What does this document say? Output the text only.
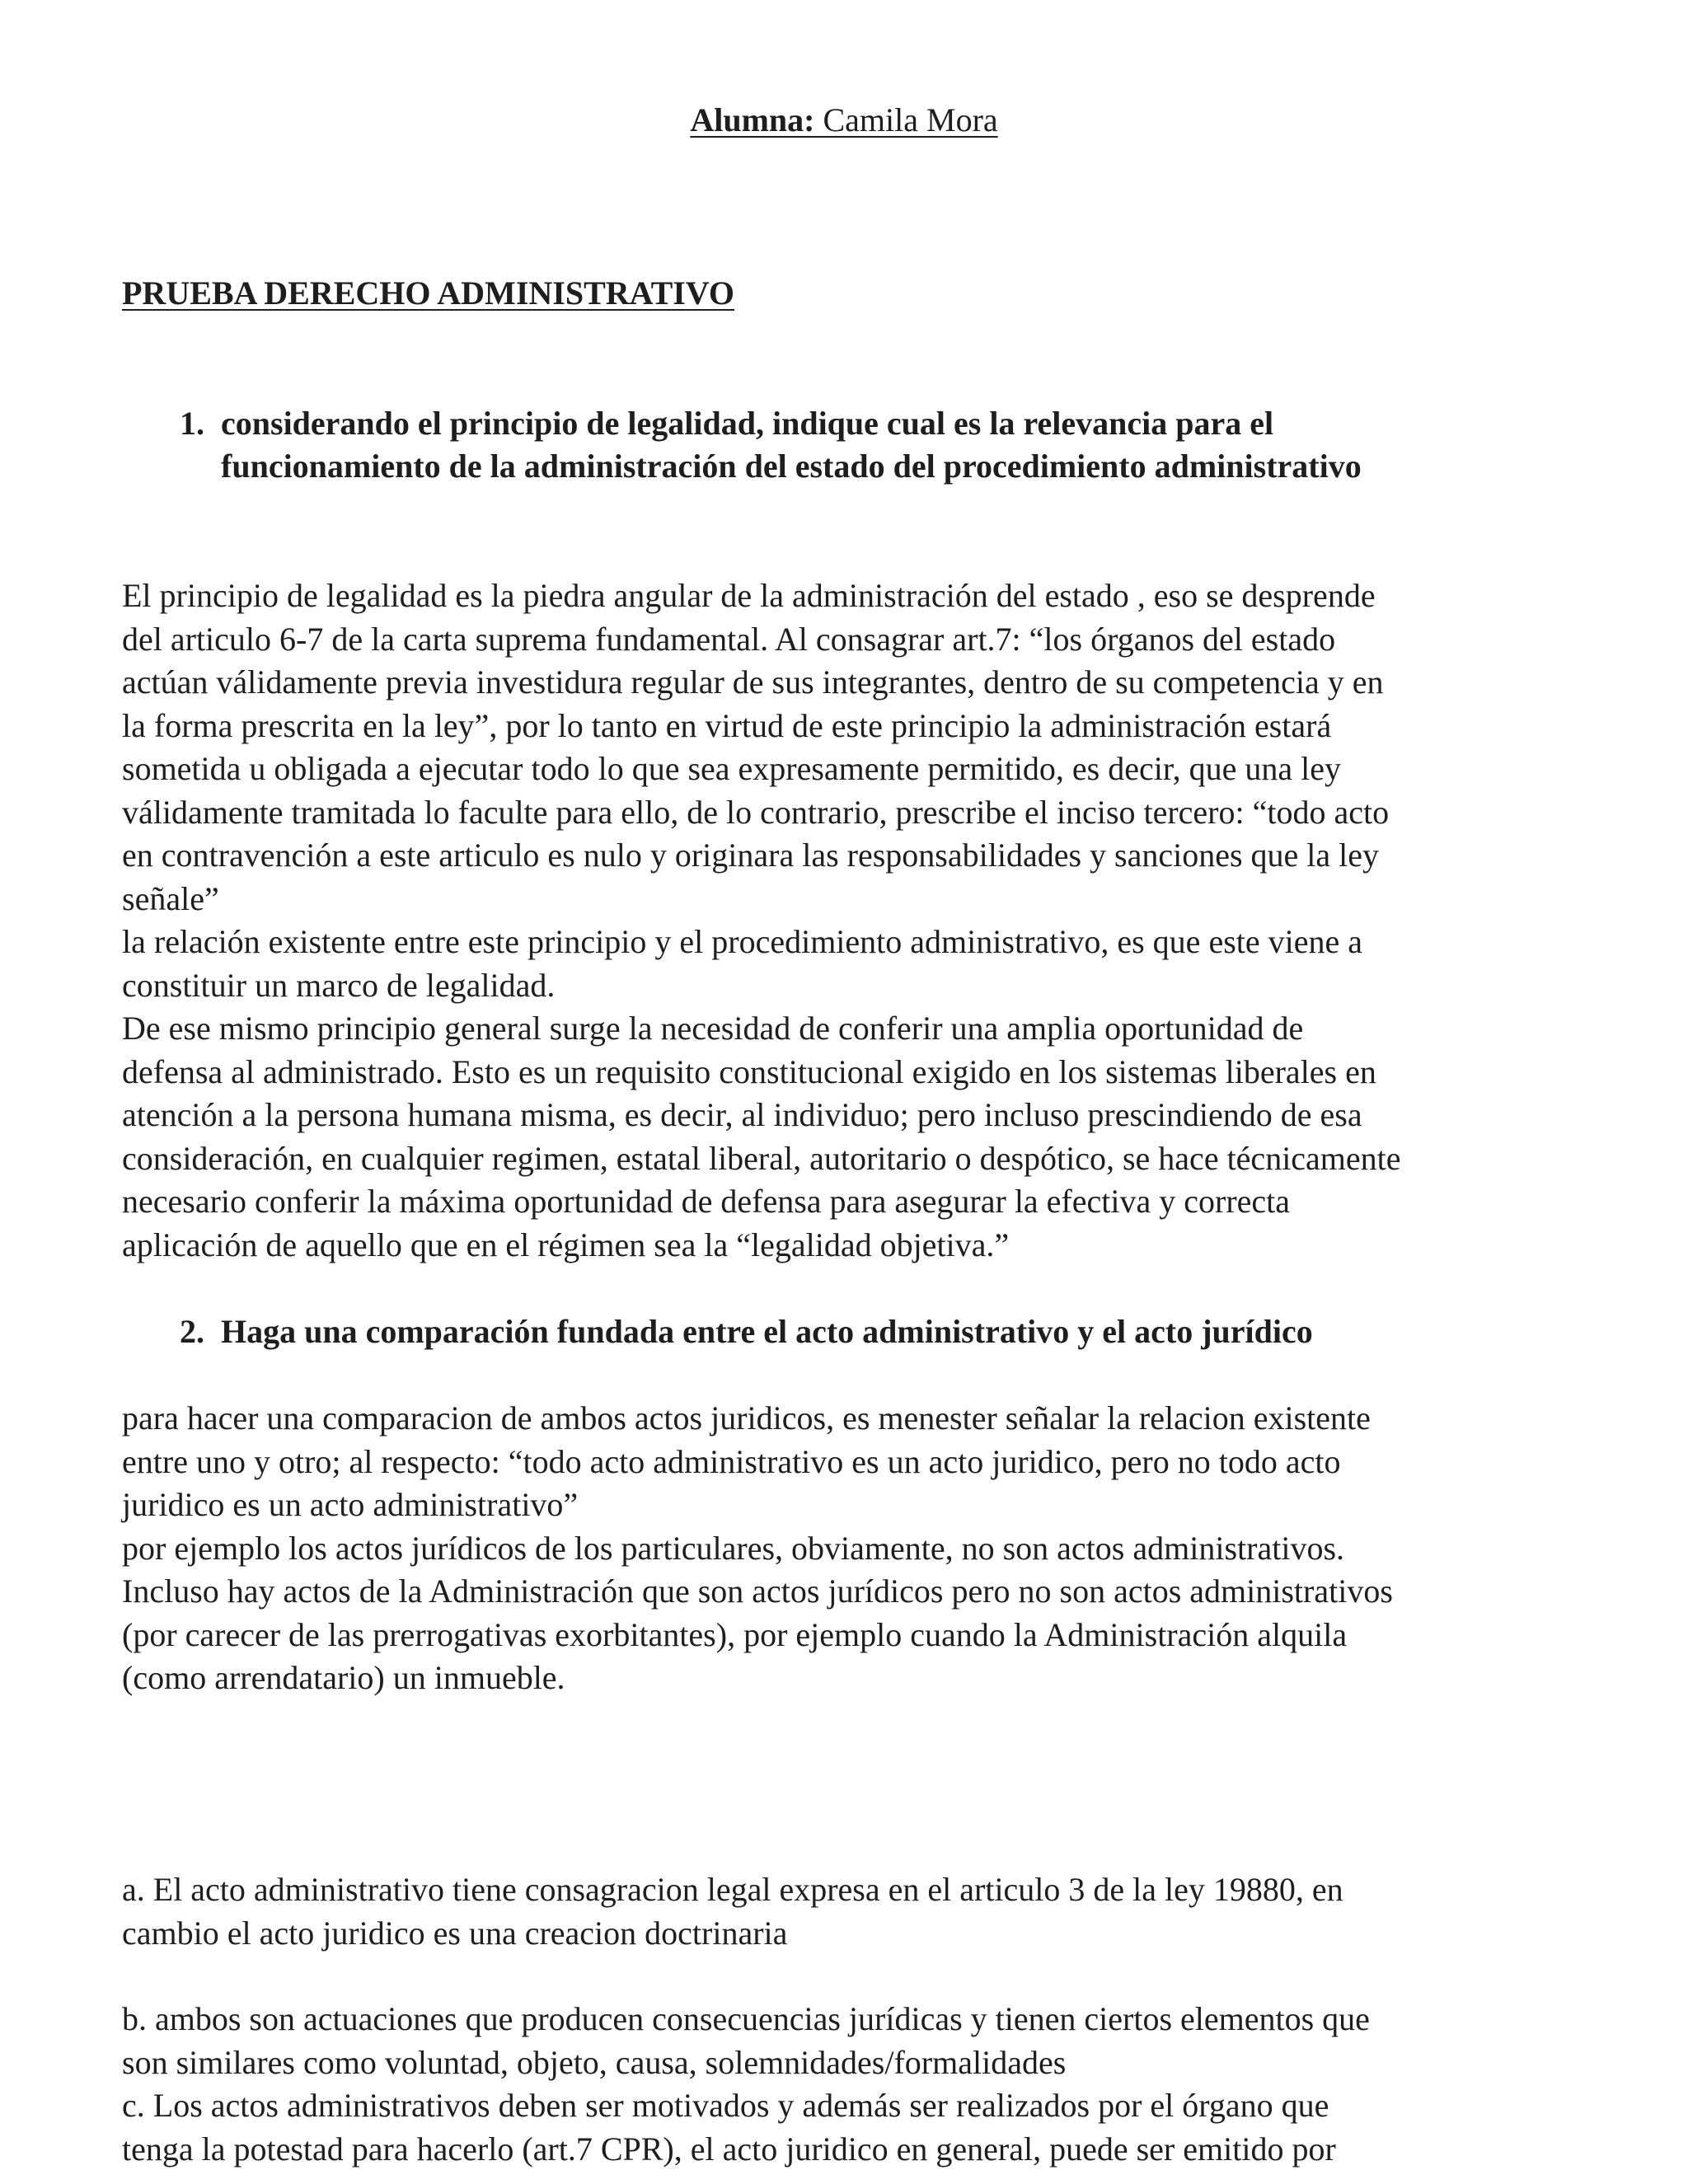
Alumna: Camila Mora
PRUEBA DERECHO ADMINISTRATIVO
1. considerando el principio de legalidad, indique cual es la relevancia para el
funcionamiento de la administración del estado del procedimiento administrativo
El principio de legalidad es la piedra angular de la administración del estado , eso se desprende
del articulo 6-7 de la carta suprema fundamental. Al consagrar art.7: “los órganos del estado
actúan válidamente previa investidura regular de sus integrantes, dentro de su competencia y en
la forma prescrita en la ley”, por lo tanto en virtud de este principio la administración estará
sometida u obligada a ejecutar todo lo que sea expresamente permitido, es decir, que una ley
válidamente tramitada lo faculte para ello, de lo contrario, prescribe el inciso tercero: “todo acto
en contravención a este articulo es nulo y originara las responsabilidades y sanciones que la ley
señale”
la relación existente entre este principio y el procedimiento administrativo, es que este viene a
constituir un marco de legalidad.
De ese mismo principio general surge la necesidad de conferir una amplia oportunidad de
defensa al administrado. Esto es un requisito constitucional exigido en los sistemas liberales en
atención a la persona humana misma, es decir, al individuo; pero incluso prescindiendo de esa
consideración, en cualquier regimen, estatal liberal, autoritario o despótico, se hace técnicamente
necesario conferir la máxima oportunidad de defensa para asegurar la efectiva y correcta
aplicación de aquello que en el régimen sea la “legalidad objetiva.”
2. Haga una comparación fundada entre el acto administrativo y el acto jurídico
para hacer una comparacion de ambos actos juridicos, es menester señalar la relacion existente
entre uno y otro; al respecto: “todo acto administrativo es un acto juridico, pero no todo acto
juridico es un acto administrativo”
por ejemplo los actos jurídicos de los particulares, obviamente, no son actos administrativos.
Incluso hay actos de la Administración que son actos jurídicos pero no son actos administrativos
(por carecer de las prerrogativas exorbitantes), por ejemplo cuando la Administración alquila
(como arrendatario) un inmueble.
a. El acto administrativo tiene consagracion legal expresa en el articulo 3 de la ley 19880, en
cambio el acto juridico es una creacion doctrinaria
b. ambos son actuaciones que producen consecuencias jurídicas y tienen ciertos elementos que
son similares como voluntad, objeto, causa, solemnidades/formalidades
c. Los actos administrativos deben ser motivados y además ser realizados por el órgano que
tenga la potestad para hacerlo (art.7 CPR), el acto juridico en general, puede ser emitido por
